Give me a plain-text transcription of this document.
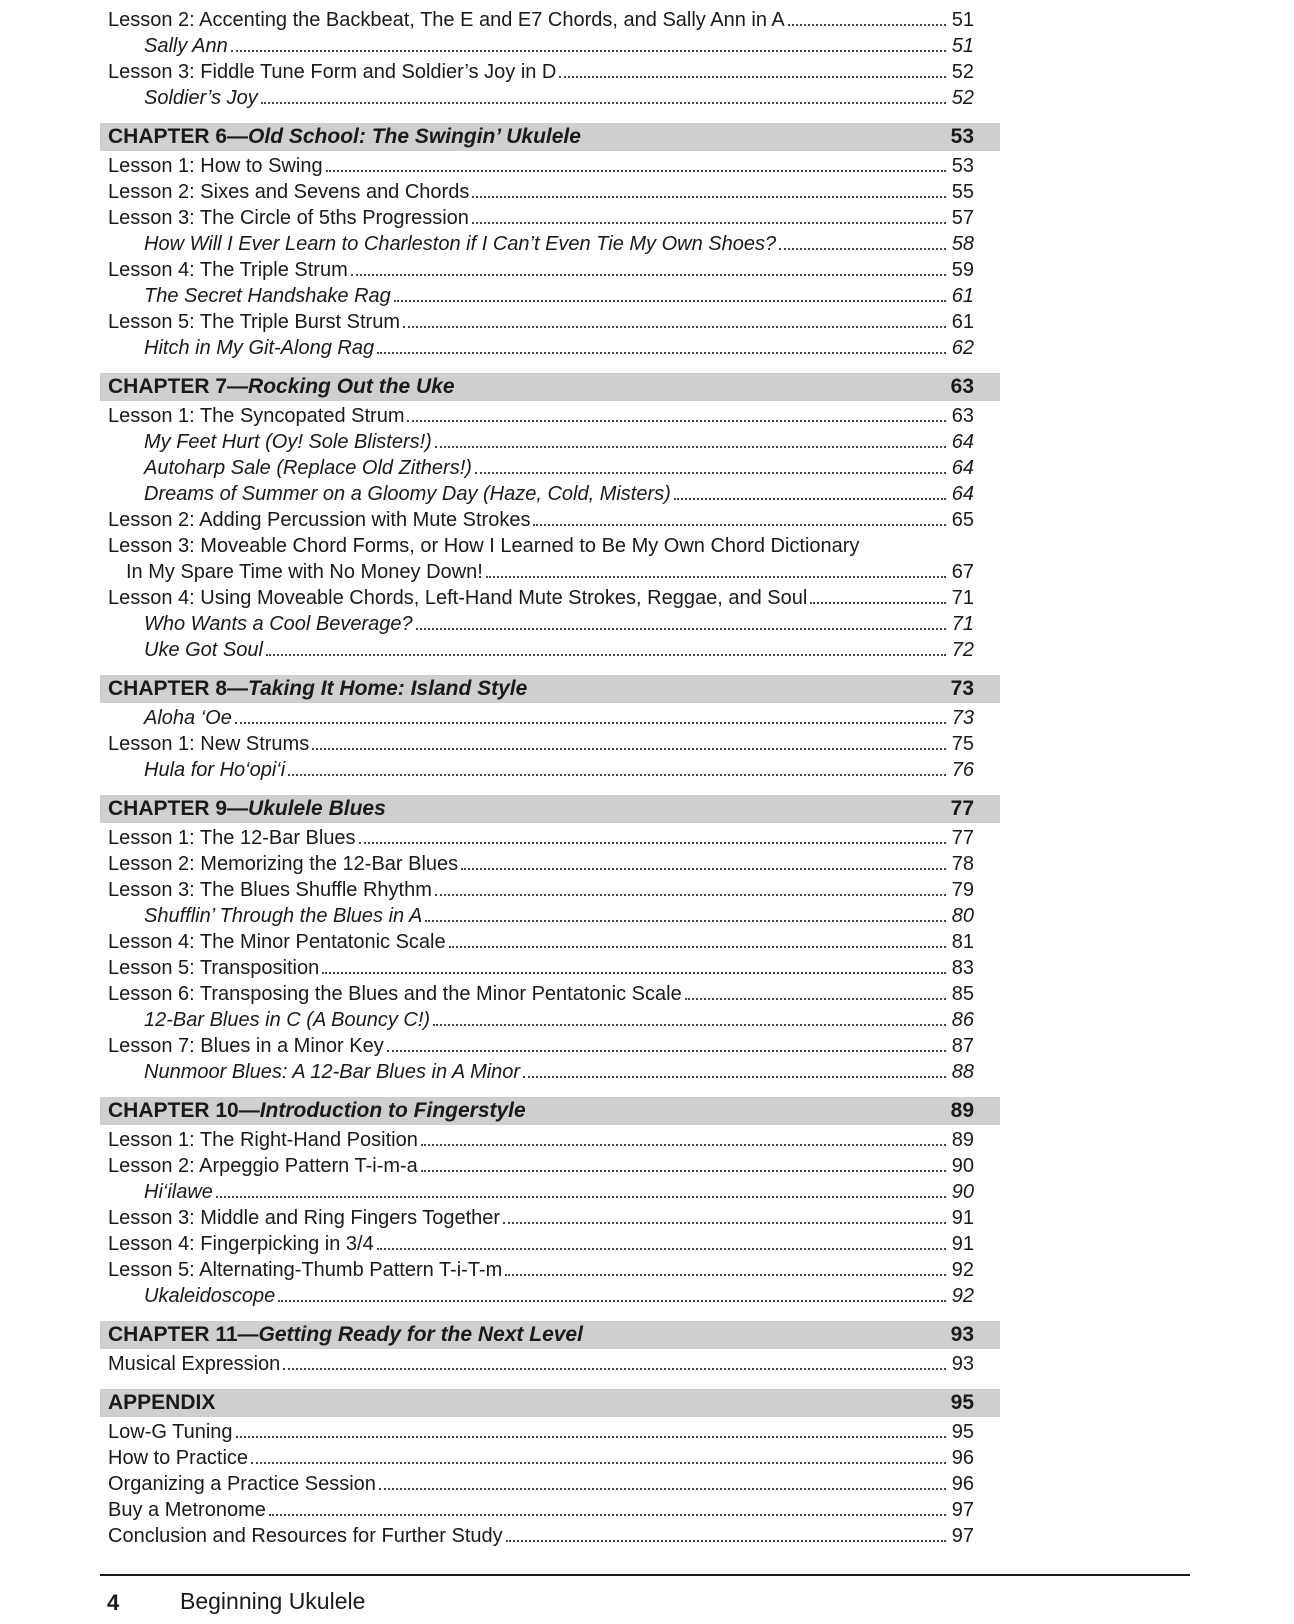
Lesson 2: Accenting the Backbeat, The E and E7 Chords, and Sally Ann in A	51
Sally Ann	51
Lesson 3: Fiddle Tune Form and Soldier’s Joy in D	52
Soldier’s Joy	52
CHAPTER 6—Old School: The Swingin’ Ukulele	53
Lesson 1: How to Swing	53
Lesson 2: Sixes and Sevens and Chords	55
Lesson 3: The Circle of 5ths Progression	57
How Will I Ever Learn to Charleston if I Can’t Even Tie My Own Shoes?	58
Lesson 4: The Triple Strum	59
The Secret Handshake Rag	61
Lesson 5: The Triple Burst Strum	61
Hitch in My Git-Along Rag	62
CHAPTER 7—Rocking Out the Uke	63
Lesson 1: The Syncopated Strum	63
My Feet Hurt (Oy! Sole Blisters!)	64
Autoharp Sale (Replace Old Zithers!)	64
Dreams of Summer on a Gloomy Day (Haze, Cold, Misters)	64
Lesson 2: Adding Percussion with Mute Strokes	65
Lesson 3: Moveable Chord Forms, or How I Learned to Be My Own Chord Dictionary
In My Spare Time with No Money Down!	67
Lesson 4: Using Moveable Chords, Left-Hand Mute Strokes, Reggae, and Soul	71
Who Wants a Cool Beverage?	71
Uke Got Soul	72
CHAPTER 8—Taking It Home: Island Style	73
Aloha ‘Oe	73
Lesson 1: New Strums	75
Hula for Ho‘opi‘i	76
CHAPTER 9—Ukulele Blues	77
Lesson 1: The 12-Bar Blues	77
Lesson 2: Memorizing the 12-Bar Blues	78
Lesson 3: The Blues Shuffle Rhythm	79
Shufflin’ Through the Blues in A	80
Lesson 4: The Minor Pentatonic Scale	81
Lesson 5: Transposition	83
Lesson 6: Transposing the Blues and the Minor Pentatonic Scale	85
12-Bar Blues in C (A Bouncy C!)	86
Lesson 7: Blues in a Minor Key	87
Nunmoor Blues: A 12-Bar Blues in A Minor	88
CHAPTER 10—Introduction to Fingerstyle	89
Lesson 1: The Right-Hand Position	89
Lesson 2: Arpeggio Pattern T-i-m-a	90
Hi‘ilawe	90
Lesson 3: Middle and Ring Fingers Together	91
Lesson 4: Fingerpicking in 3/4	91
Lesson 5: Alternating-Thumb Pattern T-i-T-m	92
Ukaleidoscope	92
CHAPTER 11—Getting Ready for the Next Level	93
Musical Expression	93
APPENDIX	95
Low-G Tuning	95
How to Practice	96
Organizing a Practice Session	96
Buy a Metronome	97
Conclusion and Resources for Further Study	97
4	Beginning Ukulele
